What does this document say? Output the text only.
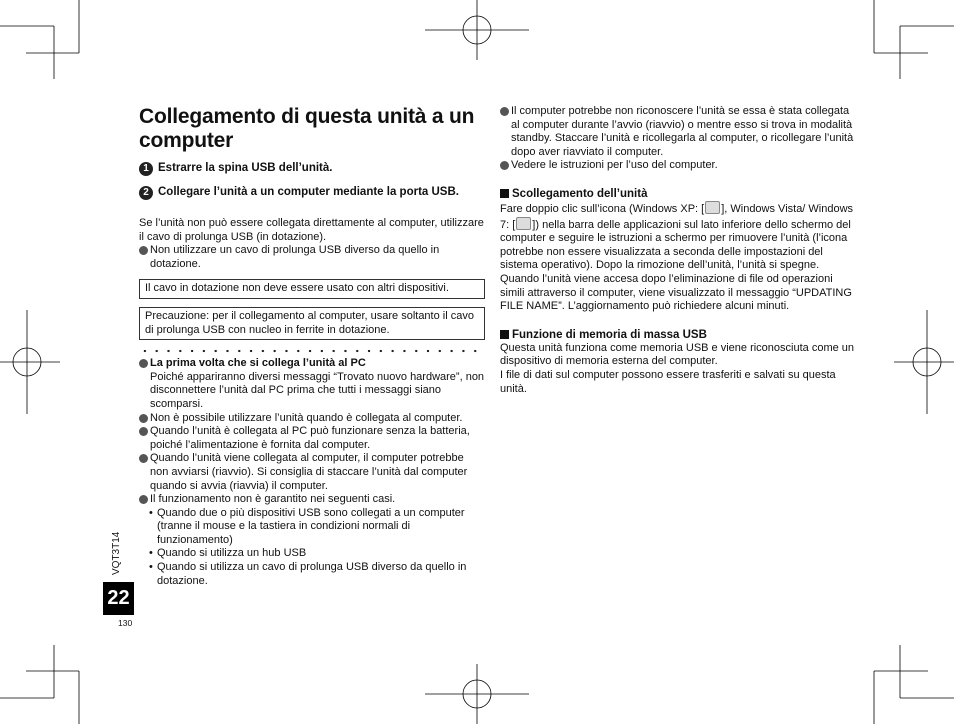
Collegamento di questa unità a un computer
1 Estrarre la spina USB dell’unità.
2 Collegare l’unità a un computer mediante la porta USB.

Se l’unità non può essere collegata direttamente al computer, utilizzare il cavo di prolunga USB (in dotazione).

Non utilizzare un cavo di prolunga USB diverso da quello in dotazione.
Il cavo in dotazione non deve essere usato con altri dispositivi.
Precauzione: per il collegamento al computer, usare soltanto il cavo di prolunga USB con nucleo in ferrite in dotazione.
La prima volta che si collega l’unità al PC
Poiché appariranno diversi messaggi “Trovato nuovo hardware”, non disconnettere l’unità dal PC prima che tutti i messaggi siano scomparsi.
Non è possibile utilizzare l’unità quando è collegata al computer.
Quando l’unità è collegata al PC può funzionare senza la batteria, poiché l’alimentazione è fornita dal computer.
Quando l’unità viene collegata al computer, il computer potrebbe non avviarsi (riavvio). Si consiglia di staccare l’unità dal computer quando si avvia (riavvia) il computer.
Il funzionamento non è garantito nei seguenti casi.
• Quando due o più dispositivi USB sono collegati a un computer (tranne il mouse e la tastiera in condizioni normali di funzionamento)
• Quando si utilizza un hub USB
• Quando si utilizza un cavo di prolunga USB diverso da quello in dotazione.
Il computer potrebbe non riconoscere l’unità se essa è stata collegata al computer durante l’avvio (riavvio) o mentre esso si trova in modalità standby. Staccare l’unità e ricollegarla al computer, o ricollegare l’unità dopo aver riavviato il computer.
Vedere le istruzioni per l’uso del computer.
Scollegamento dell’unità

Fare doppio clic sull’icona (Windows XP: [ ], Windows Vista/ Windows 7: [ ]) nella barra delle applicazioni sul lato inferiore dello schermo del computer e seguire le istruzioni a schermo per rimuovere l’unità (l’icona potrebbe non essere visualizzata a seconda delle impostazioni del sistema operativo). Dopo la rimozione dell’unità, l’unità si spegne. Quando l’unità viene accesa dopo l’eliminazione di file od operazioni simili attraverso il computer, viene visualizzato il messaggio “UPDATING FILE NAME”. L’aggiornamento può richiedere alcuni minuti.

Funzione di memoria di massa USB

Questa unità funziona come memoria USB e viene riconosciuta come un dispositivo di memoria esterna del computer.

I file di dati sul computer possono essere trasferiti e salvati su questa unità.

VQT3T14
22
130
